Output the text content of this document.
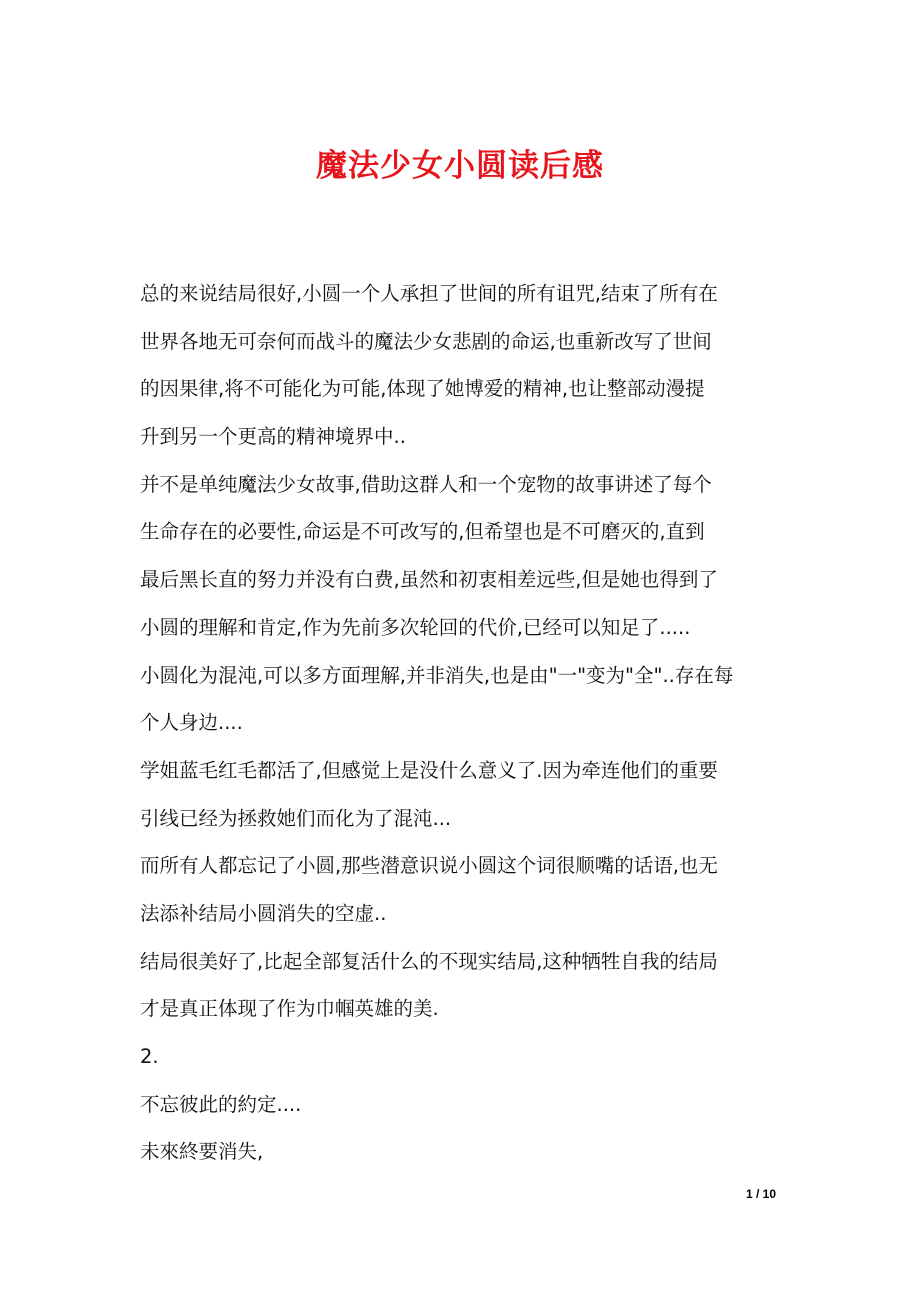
魔法少女小圆读后感
总的来说结局很好,小圆一个人承担了世间的所有诅咒,结束了所有在
世界各地无可奈何而战斗的魔法少女悲剧的命运,也重新改写了世间
的因果律,将不可能化为可能,体现了她博爱的精神,也让整部动漫提
升到另一个更高的精神境界中..
并不是单纯魔法少女故事,借助这群人和一个宠物的故事讲述了每个
生命存在的必要性,命运是不可改写的,但希望也是不可磨灭的,直到
最后黑长直的努力并没有白费,虽然和初衷相差远些,但是她也得到了
小圆的理解和肯定,作为先前多次轮回的代价,已经可以知足了.....
小圆化为混沌,可以多方面理解,并非消失,也是由"一"变为"全"..存在每
个人身边....
学姐蓝毛红毛都活了,但感觉上是没什么意义了.因为牵连他们的重要
引线已经为拯救她们而化为了混沌...
而所有人都忘记了小圆,那些潜意识说小圆这个词很顺嘴的话语,也无
法添补结局小圆消失的空虚..
结局很美好了,比起全部复活什么的不现实结局,这种牺牲自我的结局
才是真正体现了作为巾帼英雄的美.
2.
不忘彼此的約定....
未來終要消失,
1 / 10
